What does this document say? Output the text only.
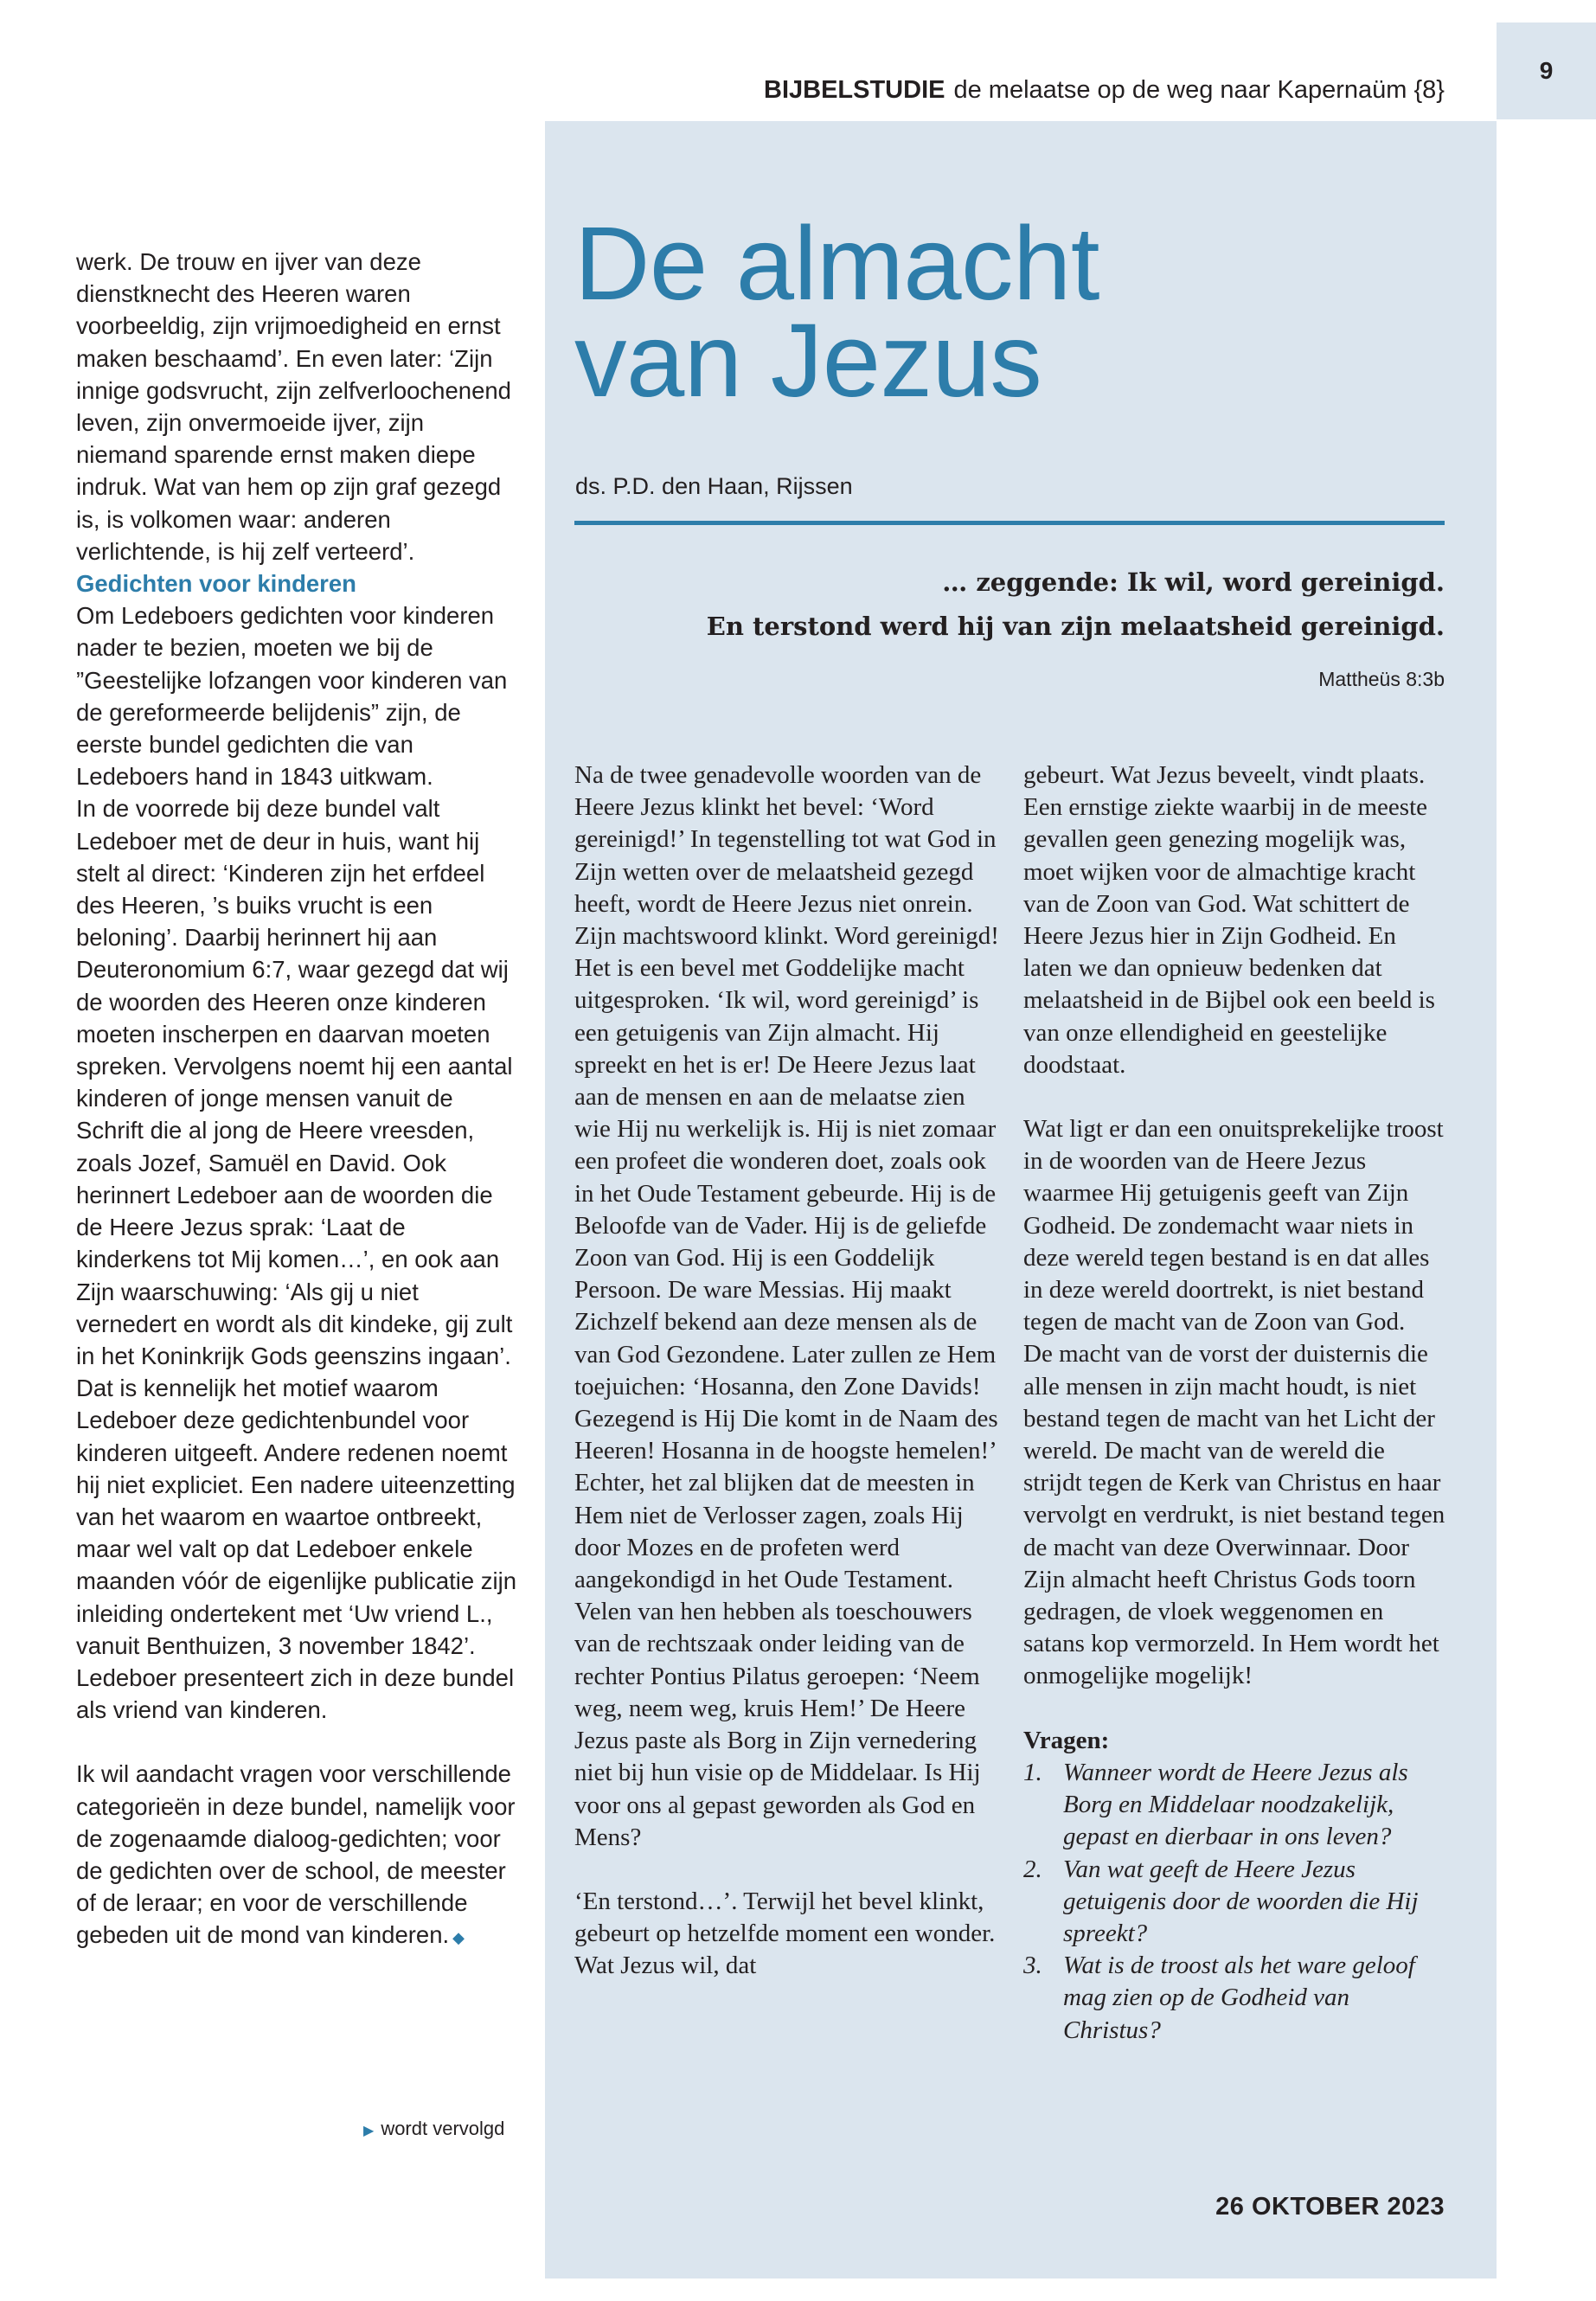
9
BIJBELSTUDIE de melaatse op de weg naar Kapernaüm {8}

werk. De trouw en ijver van deze dienstknecht des Heeren waren voorbeeldig, zijn vrijmoedigheid en ernst maken beschaamd’. En even later: ‘Zijn innige godsvrucht, zijn zelfverloochenend leven, zijn onvermoeide ijver, zijn niemand sparende ernst maken diepe indruk. Wat van hem op zijn graf gezegd is, is volkomen waar: anderen verlichtende, is hij zelf verteerd’.

Gedichten voor kinderen

Om Ledeboers gedichten voor kinderen nader te bezien, moeten we bij de ”Geestelijke lofzangen voor kinderen van de gereformeerde belijdenis” zijn, de eerste bundel gedichten die van Ledeboers hand in 1843 uitkwam.

In de voorrede bij deze bundel valt Ledeboer met de deur in huis, want hij stelt al direct: ‘Kinderen zijn het erfdeel des Heeren, ’s buiks vrucht is een beloning’. Daarbij herinnert hij aan Deuteronomium 6:7, waar gezegd dat wij de woorden des Heeren onze kinderen moeten inscherpen en daarvan moeten spreken. Vervolgens noemt hij een aantal kinderen of jonge mensen vanuit de Schrift die al jong de Heere vreesden, zoals Jozef, Samuël en David. Ook herinnert Ledeboer aan de woorden die de Heere Jezus sprak: ‘Laat de kinderkens tot Mij komen…’, en ook aan Zijn waarschuwing: ‘Als gij u niet vernedert en wordt als dit kindeke, gij zult in het Koninkrijk Gods geenszins ingaan’. Dat is kennelijk het motief waarom Ledeboer deze gedichtenbundel voor kinderen uitgeeft. Andere redenen noemt hij niet expliciet. Een nadere uiteenzetting van het waarom en waartoe ontbreekt, maar wel valt op dat Ledeboer enkele maanden vóór de eigenlijke publicatie zijn inleiding ondertekent met ‘Uw vriend L., vanuit Benthuizen, 3 november 1842’. Ledeboer presenteert zich in deze bundel als vriend van kinderen.

Ik wil aandacht vragen voor verschillende categorieën in deze bundel, namelijk voor de zogenaamde dialoog-gedichten; voor de gedichten over de school, de meester of de leraar; en voor de verschillende gebeden uit de mond van kinderen. ◆

▶ wordt vervolgd
De almacht
van Jezus
ds. P.D. den Haan, Rijssen
… zeggende: Ik wil, word gereinigd.
En terstond werd hij van zijn melaatsheid gereinigd.
Mattheüs 8:3b

Na de twee genadevolle woorden van de Heere Jezus klinkt het bevel: ‘Word gereinigd!’ In tegenstelling tot wat God in Zijn wetten over de melaatsheid gezegd heeft, wordt de Heere Jezus niet onrein. Zijn machtswoord klinkt. Word gereinigd! Het is een bevel met Goddelijke macht uitgesproken. ‘Ik wil, word gereinigd’ is een getuigenis van Zijn almacht. Hij spreekt en het is er! De Heere Jezus laat aan de mensen en aan de melaatse zien wie Hij nu werkelijk is. Hij is niet zomaar een profeet die wonderen doet, zoals ook in het Oude Testament gebeurde. Hij is de Beloofde van de Vader. Hij is de geliefde Zoon van God. Hij is een Goddelijk Persoon. De ware Messias. Hij maakt Zichzelf bekend aan deze mensen als de van God Gezondene. Later zullen ze Hem toejuichen: ‘Hosanna, den Zone Davids! Gezegend is Hij Die komt in de Naam des Heeren! Hosanna in de hoogste hemelen!’

Echter, het zal blijken dat de meesten in Hem niet de Verlosser zagen, zoals Hij door Mozes en de profeten werd aangekondigd in het Oude Testament. Velen van hen hebben als toeschouwers van de rechtszaak onder leiding van de rechter Pontius Pilatus geroepen: ‘Neem weg, neem weg, kruis Hem!’ De Heere Jezus paste als Borg in Zijn vernedering niet bij hun visie op de Middelaar. Is Hij voor ons al gepast geworden als God en Mens?

‘En terstond…’. Terwijl het bevel klinkt, gebeurt op hetzelfde moment een wonder. Wat Jezus wil, dat

gebeurt. Wat Jezus beveelt, vindt plaats. Een ernstige ziekte waarbij in de meeste gevallen geen genezing mogelijk was, moet wijken voor de almachtige kracht van de Zoon van God. Wat schittert de Heere Jezus hier in Zijn Godheid. En laten we dan opnieuw bedenken dat melaatsheid in de Bijbel ook een beeld is van onze ellendigheid en geestelijke doodstaat.

Wat ligt er dan een onuitsprekelijke troost in de woorden van de Heere Jezus waarmee Hij getuigenis geeft van Zijn Godheid. De zondemacht waar niets in deze wereld tegen bestand is en dat alles in deze wereld doortrekt, is niet bestand tegen de macht van de Zoon van God.

De macht van de vorst der duisternis die alle mensen in zijn macht houdt, is niet bestand tegen de macht van het Licht der wereld. De macht van de wereld die strijdt tegen de Kerk van Christus en haar vervolgt en verdrukt, is niet bestand tegen de macht van deze Overwinnaar. Door Zijn almacht heeft Christus Gods toorn gedragen, de vloek weggenomen en satans kop vermorzeld. In Hem wordt het onmogelijke mogelijk!

Vragen:

1. Wanneer wordt de Heere Jezus als Borg en Middelaar noodzakelijk, gepast en dierbaar in ons leven?
2. Van wat geeft de Heere Jezus getuigenis door de woorden die Hij spreekt?
3. Wat is de troost als het ware geloof mag zien op de Godheid van Christus?
26 OKTOBER 2023
